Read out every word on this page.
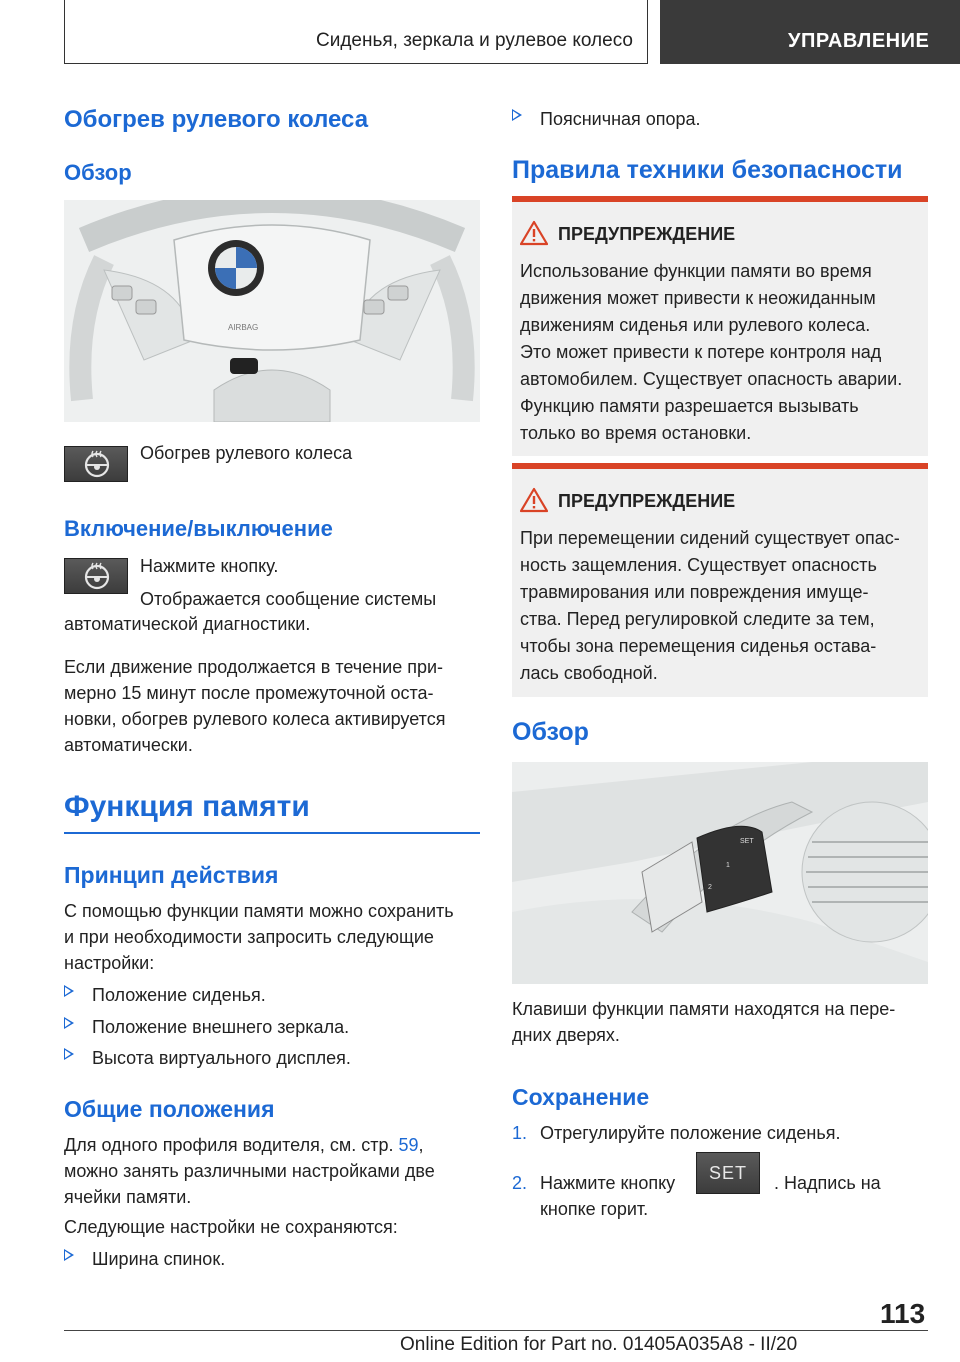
Сиденья, зеркала и рулевое колесо	УПРАВЛЕНИЕ
Обогрев рулевого колеса
Обзор
AIRBAG
Обогрев рулевого колеса
Включение/выключение
Нажмите кнопку.
Отображается сообщение системы
автоматической диагностики.
Если движение продолжается в течение при-
мерно 15 минут после промежуточной оста-
новки, обогрев рулевого колеса активируется
автоматически.
Функция памяти
Принцип действия
С помощью функции памяти можно сохранить
и при необходимости запросить следующие
настройки:
Положение сиденья.
Положение внешнего зеркала.
Высота виртуального дисплея.
Общие положения
Для одного профиля водителя, см. стр. 59,
можно занять различными настройками две
ячейки памяти.
Следующие настройки не сохраняются:
Ширина спинок.
Поясничная опора.
Правила техники безопасности
ПРЕДУПРЕЖДЕНИЕ
Использование функции памяти во время
движения может привести к неожиданным
движениям сиденья или рулевого колеса.
Это может привести к потере контроля над
автомобилем. Существует опасность аварии.
Функцию памяти разрешается вызывать
только во время остановки.
ПРЕДУПРЕЖДЕНИЕ
При перемещении сидений существует опас-
ность защемления. Существует опасность
травмирования или повреждения имуще-
ства. Перед регулировкой следите за тем,
чтобы зона перемещения сиденья остава-
лась свободной.
Обзор
SET
1
2
Клавиши функции памяти находятся на пере-
дних дверях.
Сохранение
1. Отрегулируйте положение сиденья.
2. Нажмите кнопку	. Надпись на
кнопке горит.
SET
113
Online Edition for Part no. 01405A035A8 - II/20
